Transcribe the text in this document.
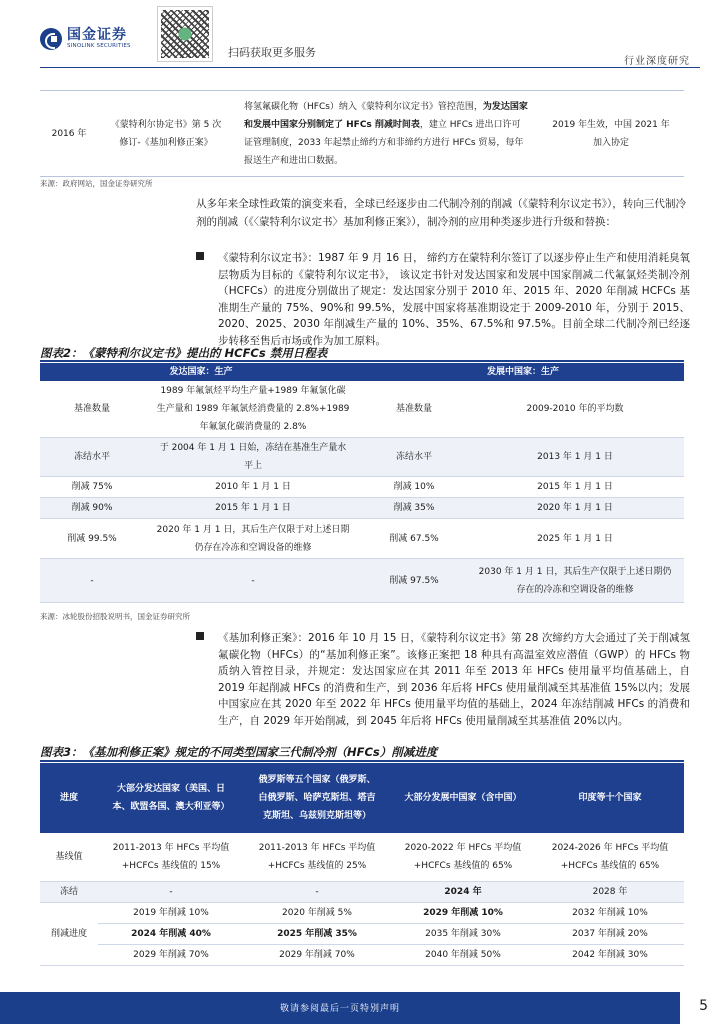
国金证券
SINOLINK SECURITIES	扫码获取更多服务
行业深度研究
2016 年	《蒙特利尔协定书》第 5 次修订-《基加利修正案》	将氢氟碳化物（HFCs）纳入《蒙特利尔议定书》管控范围，为发达国家和发展中国家分别制定了 HFCs 削减时间表，建立 HFCs 进出口许可证管理制度，2033 年起禁止缔约方和非缔约方进行 HFCs 贸易，每年报送生产和进出口数据。	2019 年生效，中国 2021 年加入协定
来源：政府网站，国金证券研究所
从多年来全球性政策的演变来看，全球已经逐步由二代制冷剂的削减（《蒙特利尔议定书》），转向三代制冷剂的削减（《〈蒙特利尔议定书〉基加利修正案》），制冷剂的应用种类逐步进行升级和替换：
《蒙特利尔议定书》：1987 年 9 月 16 日， 缔约方在蒙特利尔签订了以逐步停止生产和使用消耗臭氧层物质为目标的《蒙特利尔议定书》， 该议定书针对发达国家和发展中国家削减二代氟氯烃类制冷剂（HCFCs）的进度分别做出了规定：发达国家分别于 2010 年、2015 年、2020 年削减 HCFCs 基准期生产量的 75%、90%和 99.5%，发展中国家将基准期设定于 2009-2010 年，分别于 2015、2020、2025、2030 年削减生产量的 10%、35%、67.5%和 97.5%。目前全球二代制冷剂已经逐步转移至售后市场或作为加工原料。
图表2：《蒙特利尔议定书》提出的 HCFCs 禁用日程表
发达国家：生产		发展中国家：生产	
基准数量	1989 年氟氯烃平均生产量+1989 年氟氯化碳生产量和 1989 年氟氯烃消费量的 2.8%+1989 年氟氯化碳消费量的 2.8%	基准数量	2009-2010 年的平均数
冻结水平	于 2004 年 1 月 1 日始，冻结在基准生产量水平上	冻结水平	2013 年 1 月 1 日
削减 75%	2010 年 1 月 1 日	削减 10%	2015 年 1 月 1 日
削减 90%	2015 年 1 月 1 日	削减 35%	2020 年 1 月 1 日
削减 99.5%	2020 年 1 月 1 日，其后生产仅限于对上述日期仍存在冷冻和空调设备的维修	削减 67.5%	2025 年 1 月 1 日
-	-	削减 97.5%	2030 年 1 月 1 日，其后生产仅限于上述日期仍存在的冷冻和空调设备的维修
来源：冰轮股份招股说明书，国金证券研究所
《基加利修正案》：2016 年 10 月 15 日，《蒙特利尔议定书》第 28 次缔约方大会通过了关于削减氢氟碳化物（HFCs）的“基加利修正案”。该修正案把 18 种具有高温室效应潜值（GWP）的 HFCs 物质纳入管控目录，并规定：发达国家应在其 2011 年至 2013 年 HFCs 使用量平均值基础上，自 2019 年起削减 HFCs 的消费和生产，到 2036 年后将 HFCs 使用量削减至其基准值 15%以内；发展中国家应在其 2020 年至 2022 年 HFCs 使用量平均值的基础上，2024 年冻结削减 HFCs 的消费和生产，自 2029 年开始削减，到 2045 年后将 HFCs 使用量削减至其基准值 20%以内。
图表3：《基加利修正案》规定的不同类型国家三代制冷剂（HFCs）削减进度
进度	大部分发达国家（美国、日本、欧盟各国、澳大利亚等）	俄罗斯等五个国家（俄罗斯、白俄罗斯、哈萨克斯坦、塔吉克斯坦、乌兹别克斯坦等）	大部分发展中国家（含中国）	印度等十个国家
基线值	2011-2013 年 HFCs 平均值+HCFCs 基线值的 15%	2011-2013 年 HFCs 平均值+HCFCs 基线值的 25%	2020-2022 年 HFCs 平均值+HCFCs 基线值的 65%	2024-2026 年 HFCs 平均值+HCFCs 基线值的 65%
冻结	-	-	2024 年	2028 年
削减进度	2019 年削减 10%	2020 年削减 5%	2029 年削减 10%	2032 年削减 10%
	2024 年削减 40%	2025 年削减 35%	2035 年削减 30%	2037 年削减 20%
	2029 年削减 70%	2029 年削减 70%	2040 年削减 50%	2042 年削减 30%
敬请参阅最后一页特别声明	5
